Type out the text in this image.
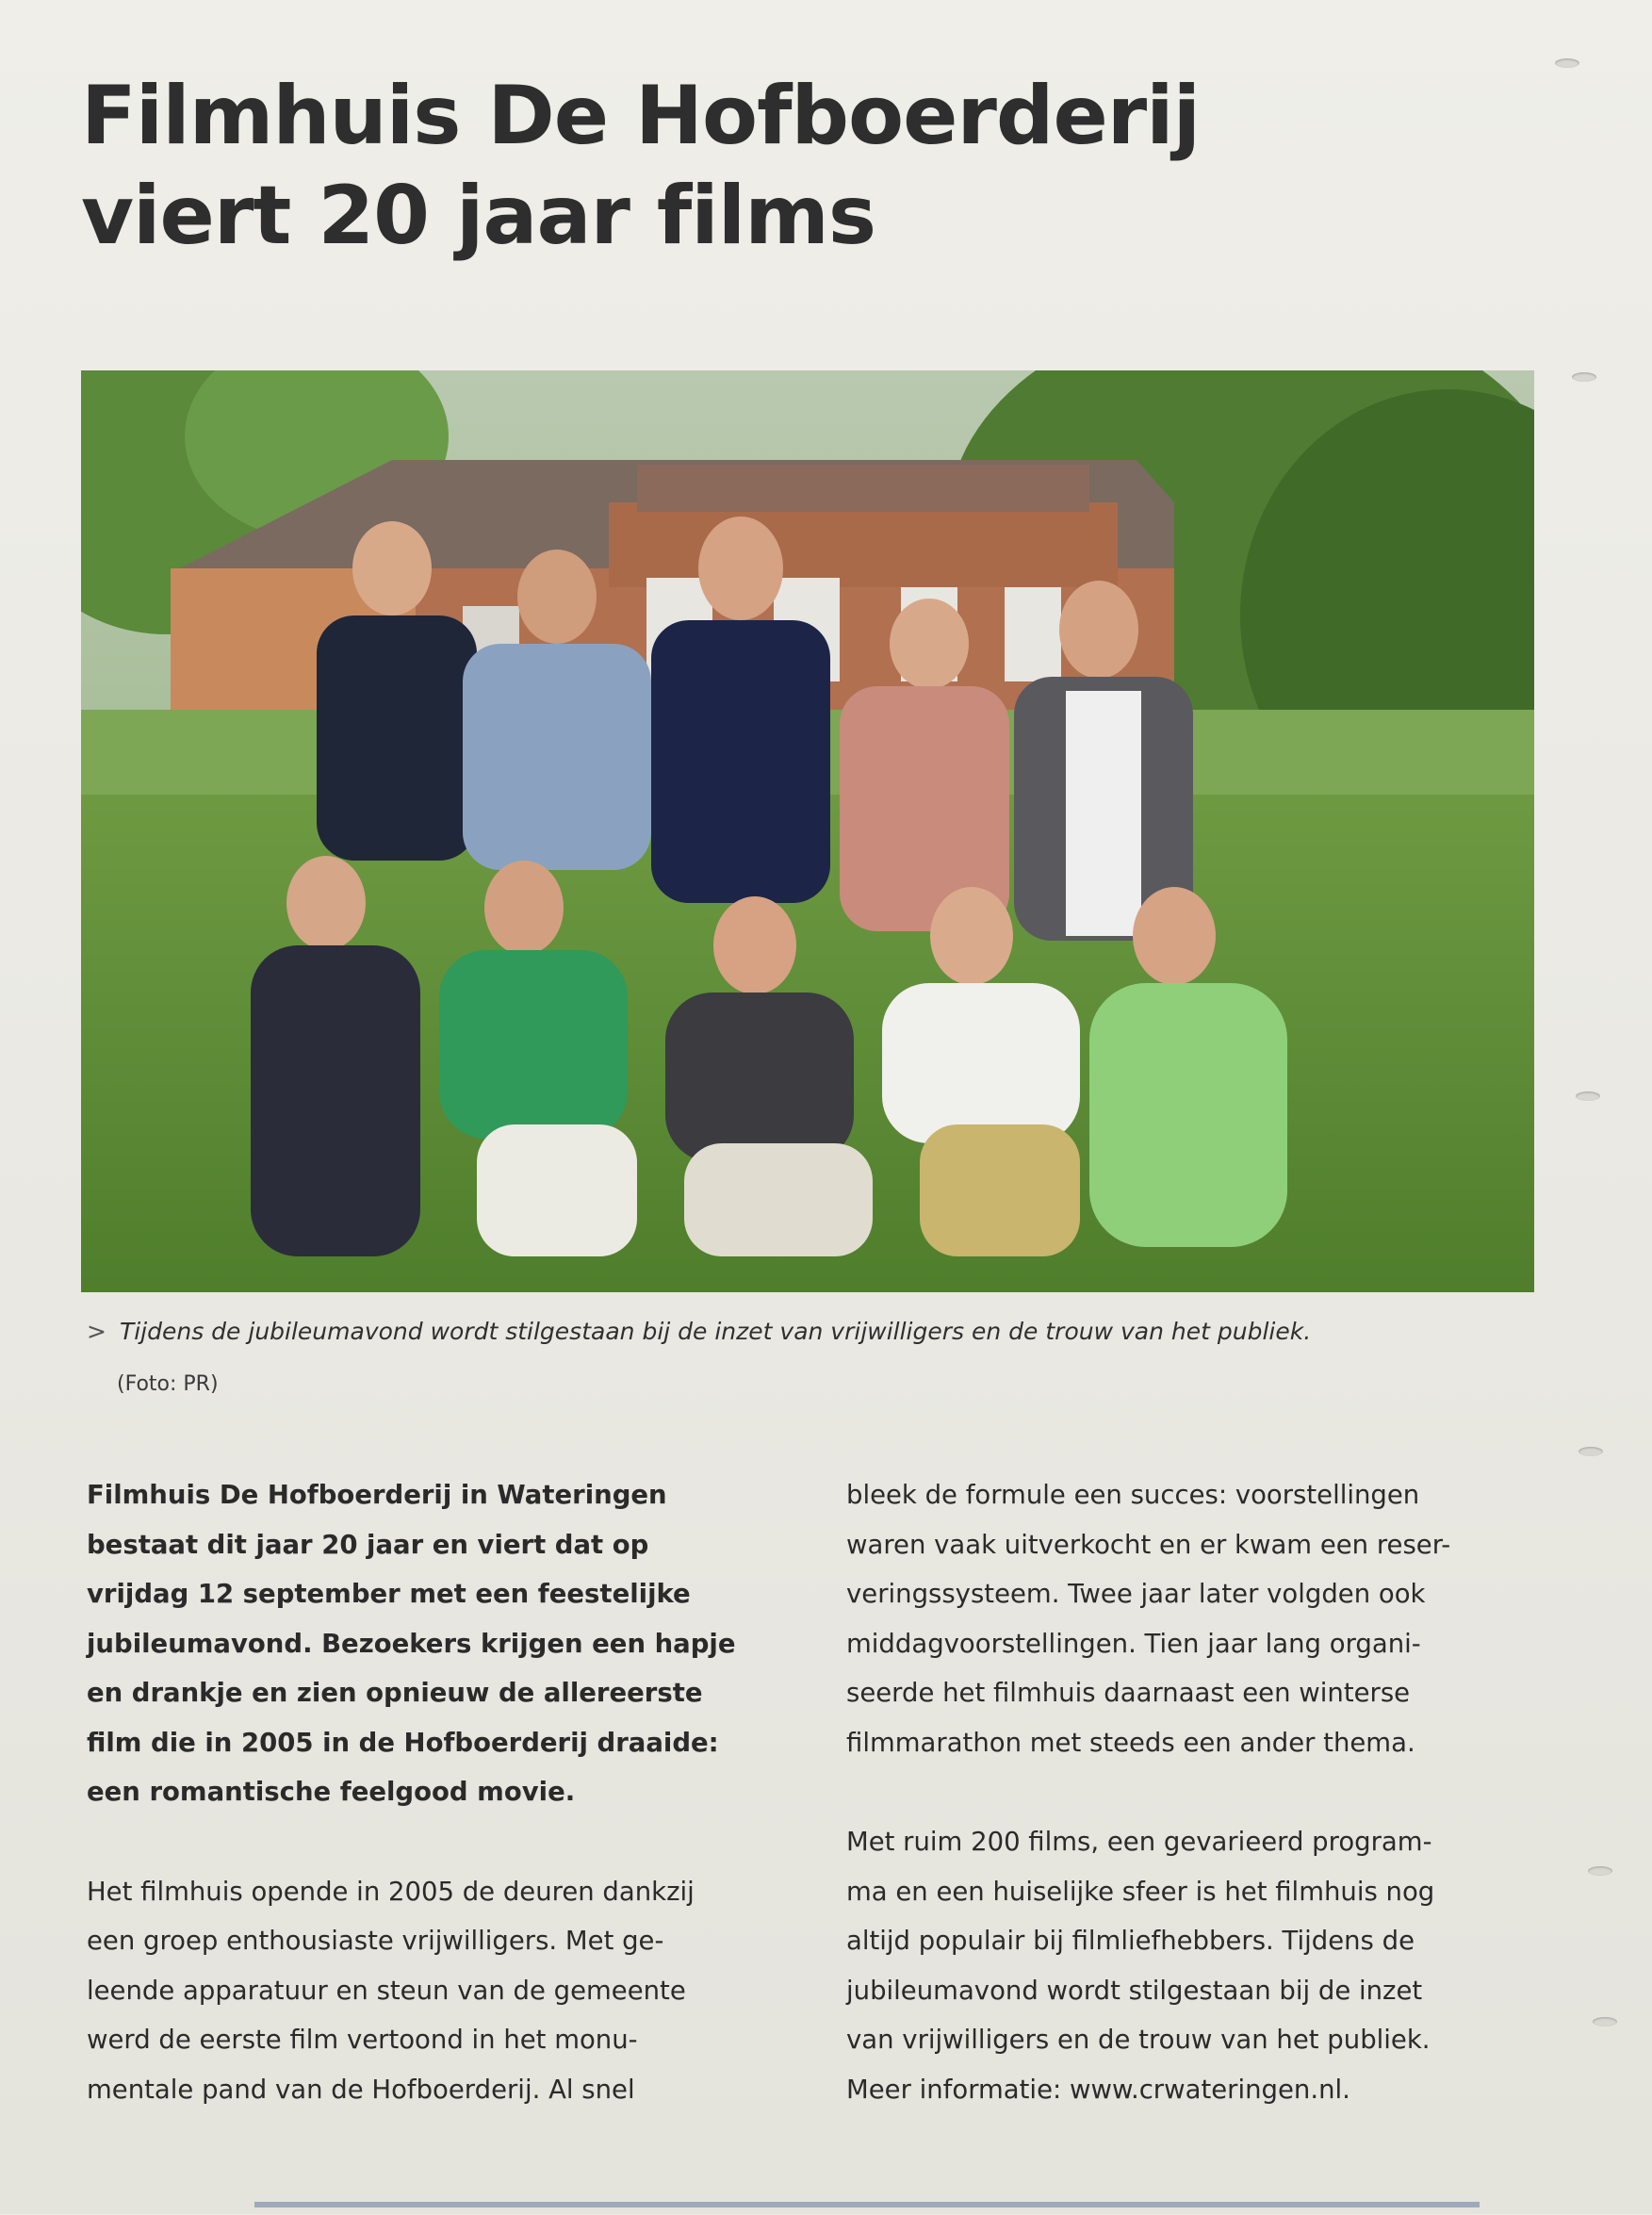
Filmhuis De Hofboerderij
viert 20 jaar films
> Tijdens de jubileumavond wordt stilgestaan bij de inzet van vrijwilligers en de trouw van het publiek.
(Foto: PR)

Filmhuis De Hofboerderij in Wateringen

bestaat dit jaar 20 jaar en viert dat op

vrijdag 12 september met een feestelijke

jubileumavond. Bezoekers krijgen een hapje

en drankje en zien opnieuw de allereerste

film die in 2005 in de Hofboerderij draaide:

een romantische feelgood movie.

Het filmhuis opende in 2005 de deuren dankzij

een groep enthousiaste vrijwilligers. Met ge-

leende apparatuur en steun van de gemeente

werd de eerste film vertoond in het monu-

mentale pand van de Hofboerderij. Al snel

bleek de formule een succes: voorstellingen

waren vaak uitverkocht en er kwam een reser-

veringssysteem. Twee jaar later volgden ook

middagvoorstellingen. Tien jaar lang organi-

seerde het filmhuis daarnaast een winterse

filmmarathon met steeds een ander thema.

Met ruim 200 films, een gevarieerd program-

ma en een huiselijke sfeer is het filmhuis nog

altijd populair bij filmliefhebbers. Tijdens de

jubileumavond wordt stilgestaan bij de inzet

van vrijwilligers en de trouw van het publiek.

Meer informatie: www.crwateringen.nl.
